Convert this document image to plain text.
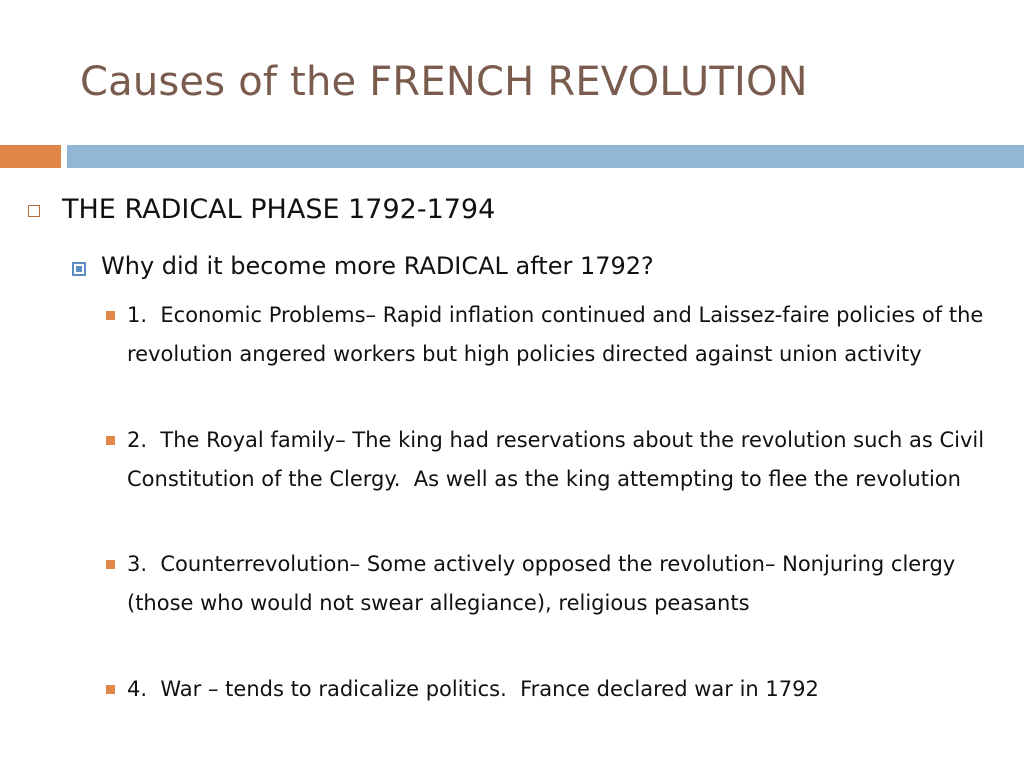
Causes of the FRENCH REVOLUTION
THE RADICAL PHASE 1792-1794
Why did it become more RADICAL after 1792?
1.  Economic Problems– Rapid inflation continued and Laissez-faire policies of the revolution angered workers but high policies directed against union activity
2.  The Royal family– The king had reservations about the revolution such as Civil Constitution of the Clergy.  As well as the king attempting to flee the revolution
3.  Counterrevolution– Some actively opposed the revolution– Nonjuring clergy (those who would not swear allegiance), religious peasants
4.  War – tends to radicalize politics.  France declared war in 1792
